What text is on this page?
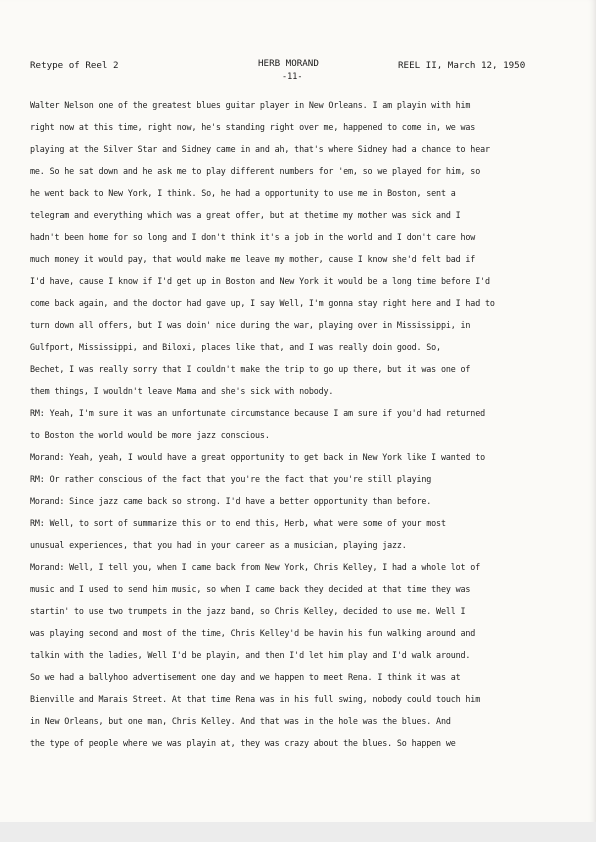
Retype of Reel 2	HERB MORAND
-11-
REEL II, March 12, 1950
Walter Nelson one of the greatest blues guitar player in New Orleans. I am playin with him
right now at this time, right now, he's standing right over me, happened to come in, we was
playing at the Silver Star and Sidney came in and ah, that's where Sidney had a chance to hear
me. So he sat down and he ask me to play different numbers for 'em, so we played for him, so
he went back to New York, I think. So, he had a opportunity to use me in Boston, sent a
telegram and everything which was a great offer, but at thetime my mother was sick and I
hadn't been home for so long and I don't think it's a job in the world and I don't care how
much money it would pay, that would make me leave my mother, cause I know she'd felt bad if
I'd have, cause I know if I'd get up in Boston and New York it would be a long time before I'd
come back again, and the doctor had gave up, I say Well, I'm gonna stay right here and I had to
turn down all offers, but I was doin' nice during the war, playing over in Mississippi, in
Gulfport, Mississippi, and Biloxi, places like that, and I was really doin good. So,
Bechet, I was really sorry that I couldn't make the trip to go up there, but it was one of
them things, I wouldn't leave Mama and she's sick with nobody.
RM: Yeah, I'm sure it was an unfortunate circumstance because I am sure if you'd had returned
to Boston the world would be more jazz conscious.
Morand: Yeah, yeah, I would have a great opportunity to get back in New York like I wanted to
RM: Or rather conscious of the fact that you're the fact that you're still playing
Morand: Since jazz came back so strong. I'd have a better opportunity than before.
RM: Well, to sort of summarize this or to end this, Herb, what were some of your most
unusual experiences, that you had in your career as a musician, playing jazz.
Morand: Well, I tell you, when I came back from New York, Chris Kelley, I had a whole lot of
music and I used to send him music, so when I came back they decided at that time they was
startin' to use two trumpets in the jazz band, so Chris Kelley, decided to use me. Well I
was playing second and most of the time, Chris Kelley'd be havin his fun walking around and
talkin with the ladies, Well I'd be playin, and then I'd let him play and I'd walk around.
So we had a ballyhoo advertisement one day and we happen to meet Rena. I think it was at
Bienville and Marais Street. At that time Rena was in his full swing, nobody could touch him
in New Orleans, but one man, Chris Kelley. And that was in the hole was the blues. And
the type of people where we was playin at, they was crazy about the blues. So happen we
